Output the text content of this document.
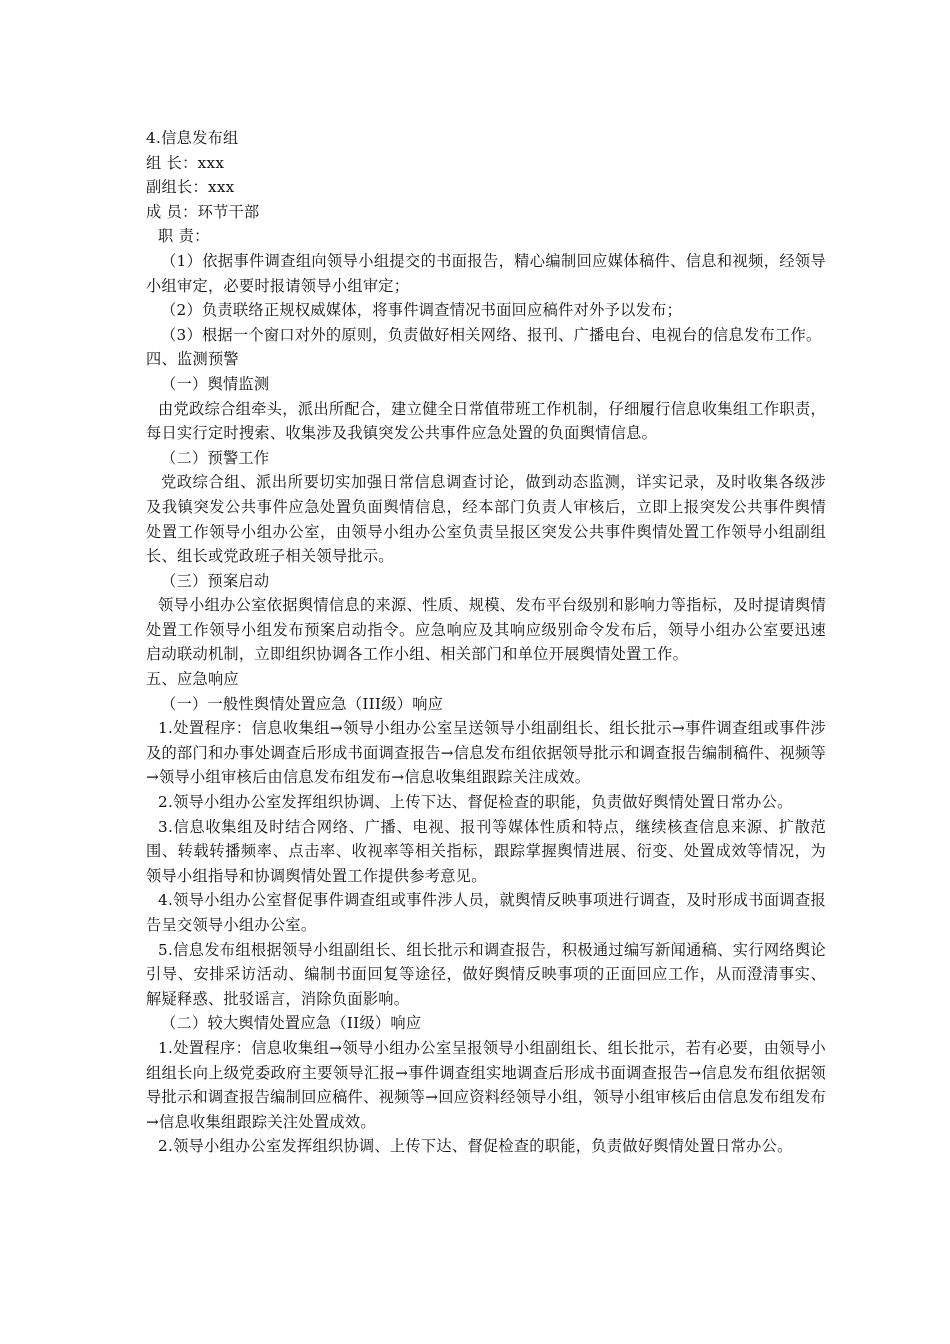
4.信息发布组

组 长：xxx

副组长：xxx

成 员：环节干部

职 责：

（1）依据事件调查组向领导小组提交的书面报告，精心编制回应媒体稿件、信息和视频，经领导小组审定，必要时报请领导小组审定；

（2）负责联络正规权威媒体，将事件调查情况书面回应稿件对外予以发布；

（3）根据一个窗口对外的原则，负责做好相关网络、报刊、广播电台、电视台的信息发布工作。

四、监测预警

（一）舆情监测

由党政综合组牵头，派出所配合，建立健全日常值带班工作机制，仔细履行信息收集组工作职责，每日实行定时搜索、收集涉及我镇突发公共事件应急处置的负面舆情信息。

（二）预警工作

党政综合组、派出所要切实加强日常信息调查讨论，做到动态监测，详实记录，及时收集各级涉及我镇突发公共事件应急处置负面舆情信息，经本部门负责人审核后，立即上报突发公共事件舆情处置工作领导小组办公室，由领导小组办公室负责呈报区突发公共事件舆情处置工作领导小组副组长、组长或党政班子相关领导批示。

（三）预案启动

领导小组办公室依据舆情信息的来源、性质、规模、发布平台级别和影响力等指标，及时提请舆情处置工作领导小组发布预案启动指令。应急响应及其响应级别命令发布后，领导小组办公室要迅速启动联动机制，立即组织协调各工作小组、相关部门和单位开展舆情处置工作。

五、应急响应

（一）一般性舆情处置应急（III级）响应

1.处置程序：信息收集组→领导小组办公室呈送领导小组副组长、组长批示→事件调查组或事件涉及的部门和办事处调查后形成书面调查报告→信息发布组依据领导批示和调查报告编制稿件、视频等→领导小组审核后由信息发布组发布→信息收集组跟踪关注成效。

2.领导小组办公室发挥组织协调、上传下达、督促检查的职能，负责做好舆情处置日常办公。

3.信息收集组及时结合网络、广播、电视、报刊等媒体性质和特点，继续核查信息来源、扩散范围、转载转播频率、点击率、收视率等相关指标，跟踪掌握舆情进展、衍变、处置成效等情况，为领导小组指导和协调舆情处置工作提供参考意见。

4.领导小组办公室督促事件调查组或事件涉人员，就舆情反映事项进行调查，及时形成书面调查报告呈交领导小组办公室。

5.信息发布组根据领导小组副组长、组长批示和调查报告，积极通过编写新闻通稿、实行网络舆论引导、安排采访活动、编制书面回复等途径，做好舆情反映事项的正面回应工作，从而澄清事实、解疑释惑、批驳谣言，消除负面影响。

（二）较大舆情处置应急（II级）响应

1.处置程序：信息收集组→领导小组办公室呈报领导小组副组长、组长批示，若有必要，由领导小组组长向上级党委政府主要领导汇报→事件调查组实地调查后形成书面调查报告→信息发布组依据领导批示和调查报告编制回应稿件、视频等→回应资料经领导小组，领导小组审核后由信息发布组发布→信息收集组跟踪关注处置成效。

2.领导小组办公室发挥组织协调、上传下达、督促检查的职能，负责做好舆情处置日常办公。
